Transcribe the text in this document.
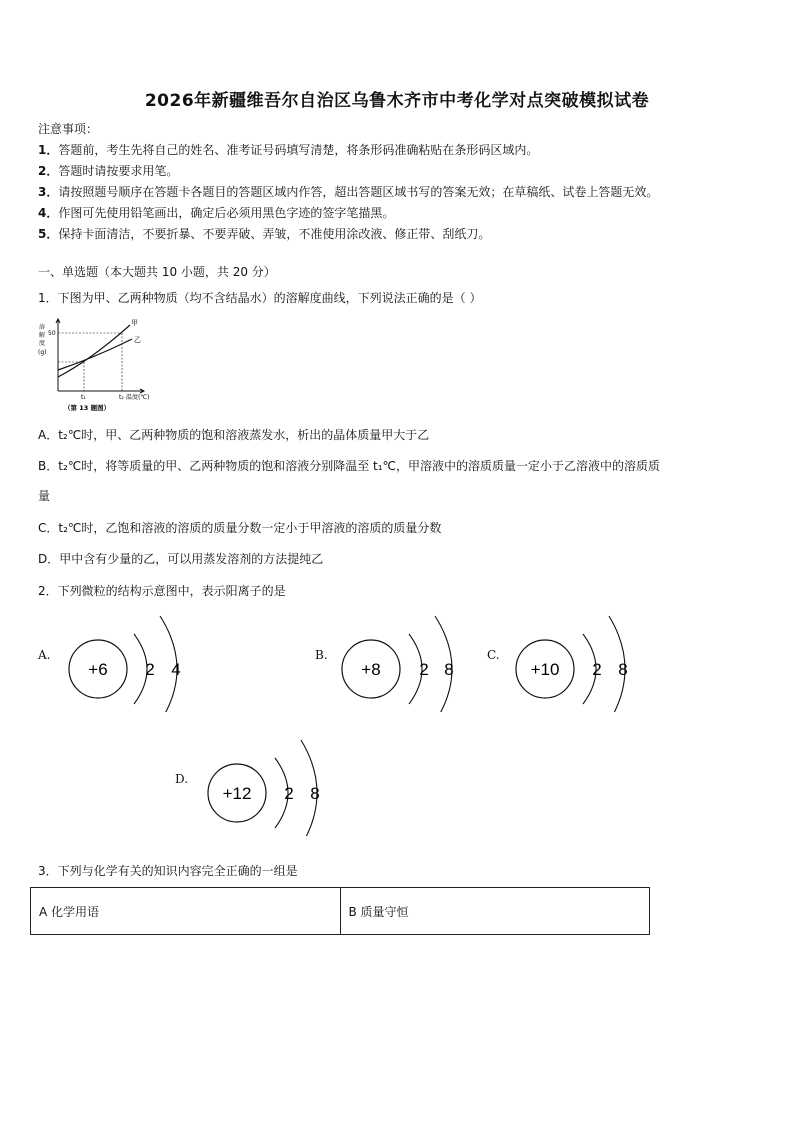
2026年新疆维吾尔自治区乌鲁木齐市中考化学对点突破模拟试卷
注意事项：
1．答题前，考生先将自己的姓名、准考证号码填写清楚，将条形码准确粘贴在条形码区域内。
2．答题时请按要求用笔。
3．请按照题号顺序在答题卡各题目的答题区域内作答，超出答题区域书写的答案无效；在草稿纸、试卷上答题无效。
4．作图可先使用铅笔画出，确定后必须用黑色字迹的签字笔描黑。
5．保持卡面清洁，不要折暴、不要弄破、弄皱，不准使用涂改液、修正带、刮纸刀。
一、单选题（本大题共 10 小题，共 20 分）
1．下图为甲、乙两种物质（均不含结晶水）的溶解度曲线，下列说法正确的是（ ）
溶
解
度
(g)
50
甲
乙
t₁	t₂ 温度(℃)
（第 13 题图）
A．t₂℃时，甲、乙两种物质的饱和溶液蒸发水，析出的晶体质量甲大于乙
B．t₂℃时，将等质量的甲、乙两种物质的饱和溶液分别降温至 t₁℃，甲溶液中的溶质质量一定小于乙溶液中的溶质质
量
C．t₂℃时，乙饱和溶液的溶质的质量分数一定小于甲溶液的溶质的质量分数
D．甲中含有少量的乙，可以用蒸发溶剂的方法提纯乙
2．下列微粒的结构示意图中，表示阳离子的是
A.
+6 2 4
B.
+8 2 8
C.
+10 2 8
D.
+12 2 8
3．下列与化学有关的知识内容完全正确的一组是
A 化学用语	B 质量守恒
